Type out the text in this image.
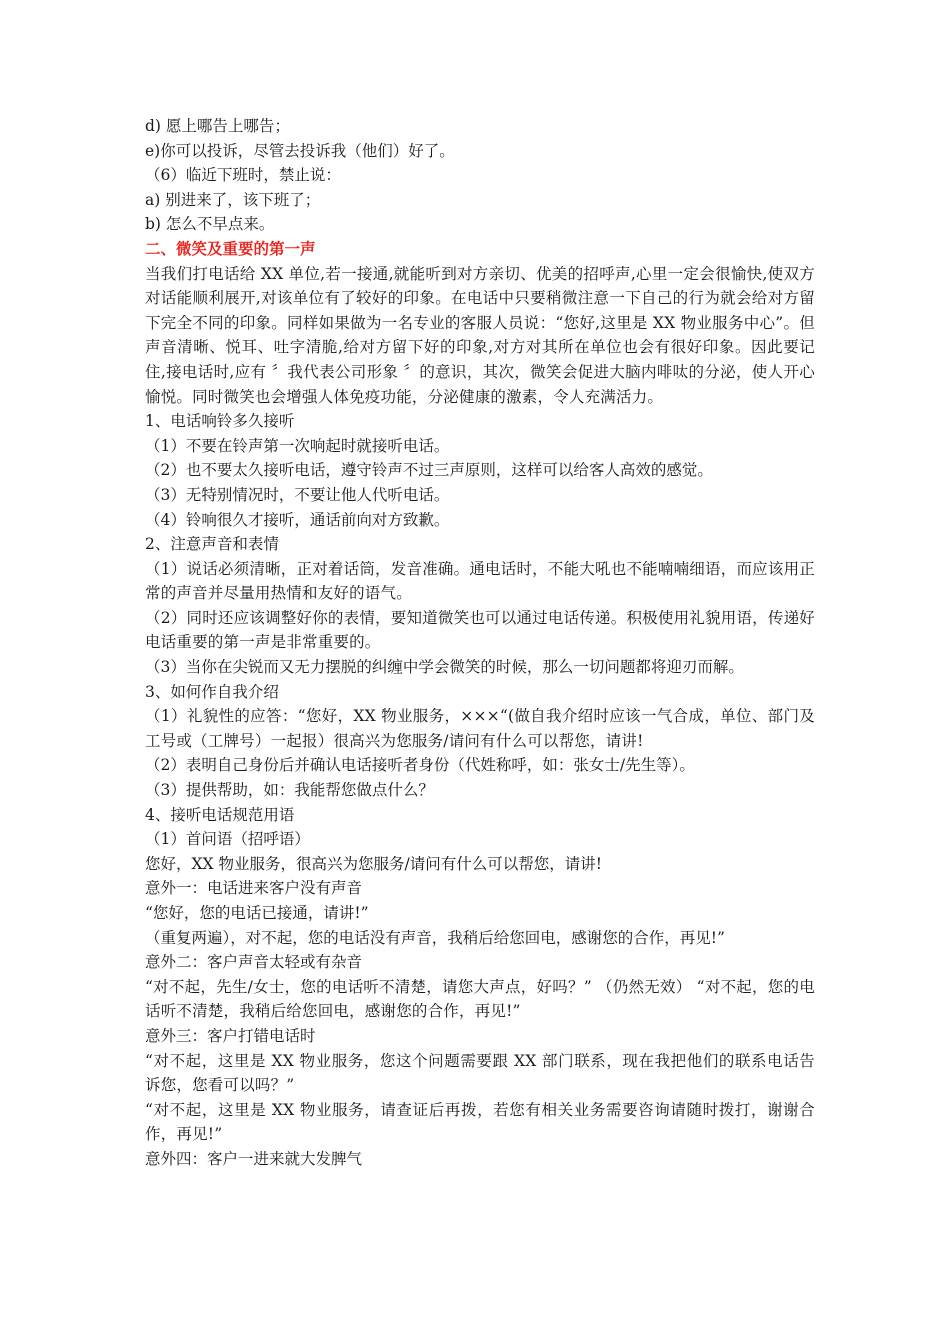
d) 愿上哪告上哪告；
e)你可以投诉，尽管去投诉我（他们）好了。
（6）临近下班时，禁止说：
a) 别进来了，该下班了；
b) 怎么不早点来。
二、微笑及重要的第一声
当我们打电话给 XX 单位,若一接通,就能听到对方亲切、优美的招呼声,心里一定会很愉快,使双方对话能顺利展开,对该单位有了较好的印象。在电话中只要稍微注意一下自己的行为就会给对方留下完全不同的印象。同样如果做为一名专业的客服人员说：“您好,这里是 XX 物业服务中心”。但声音清晰、悦耳、吐字清脆,给对方留下好的印象,对方对其所在单位也会有很好印象。因此要记住,接电话时,应有 〞我代表公司形象 〞的意识，其次，微笑会促进大脑内啡呔的分泌，使人开心愉悦。同时微笑也会增强人体免疫功能，分泌健康的激素，令人充满活力。
1、电话响铃多久接听
（1）不要在铃声第一次响起时就接听电话。
（2）也不要太久接听电话，遵守铃声不过三声原则，这样可以给客人高效的感觉。
（3）无特别情况时，不要让他人代听电话。
（4）铃响很久才接听，通话前向对方致歉。
2、注意声音和表情
（1）说话必须清晰，正对着话筒，发音准确。通电话时，不能大吼也不能喃喃细语，而应该用正常的声音并尽量用热情和友好的语气。
（2）同时还应该调整好你的表情，要知道微笑也可以通过电话传递。积极使用礼貌用语，传递好电话重要的第一声是非常重要的。
（3）当你在尖锐而又无力摆脱的纠缠中学会微笑的时候，那么一切问题都将迎刃而解。
3、如何作自我介绍
（1）礼貌性的应答：“您好，XX 物业服务，×××“(做自我介绍时应该一气合成，单位、部门及工号或（工牌号）一起报）很高兴为您服务/请问有什么可以帮您，请讲!
（2）表明自己身份后并确认电话接听者身份（代姓称呼，如：张女士/先生等）。
（3）提供帮助，如：我能帮您做点什么？
4、接听电话规范用语
（1）首问语（招呼语）
您好，XX 物业服务，很高兴为您服务/请问有什么可以帮您，请讲!
意外一：电话进来客户没有声音
“您好，您的电话已接通，请讲!”
（重复两遍），对不起，您的电话没有声音，我稍后给您回电，感谢您的合作，再见!”
意外二：客户声音太轻或有杂音
“对不起，先生/女士，您的电话听不清楚，请您大声点，好吗？” （仍然无效） “对不起，您的电话听不清楚，我稍后给您回电，感谢您的合作，再见!”
意外三：客户打错电话时
“对不起，这里是 XX 物业服务，您这个问题需要跟 XX 部门联系，现在我把他们的联系电话告诉您，您看可以吗？”
“对不起，这里是 XX 物业服务，请查证后再拨，若您有相关业务需要咨询请随时拨打，谢谢合作，再见!”
意外四：客户一进来就大发脾气
